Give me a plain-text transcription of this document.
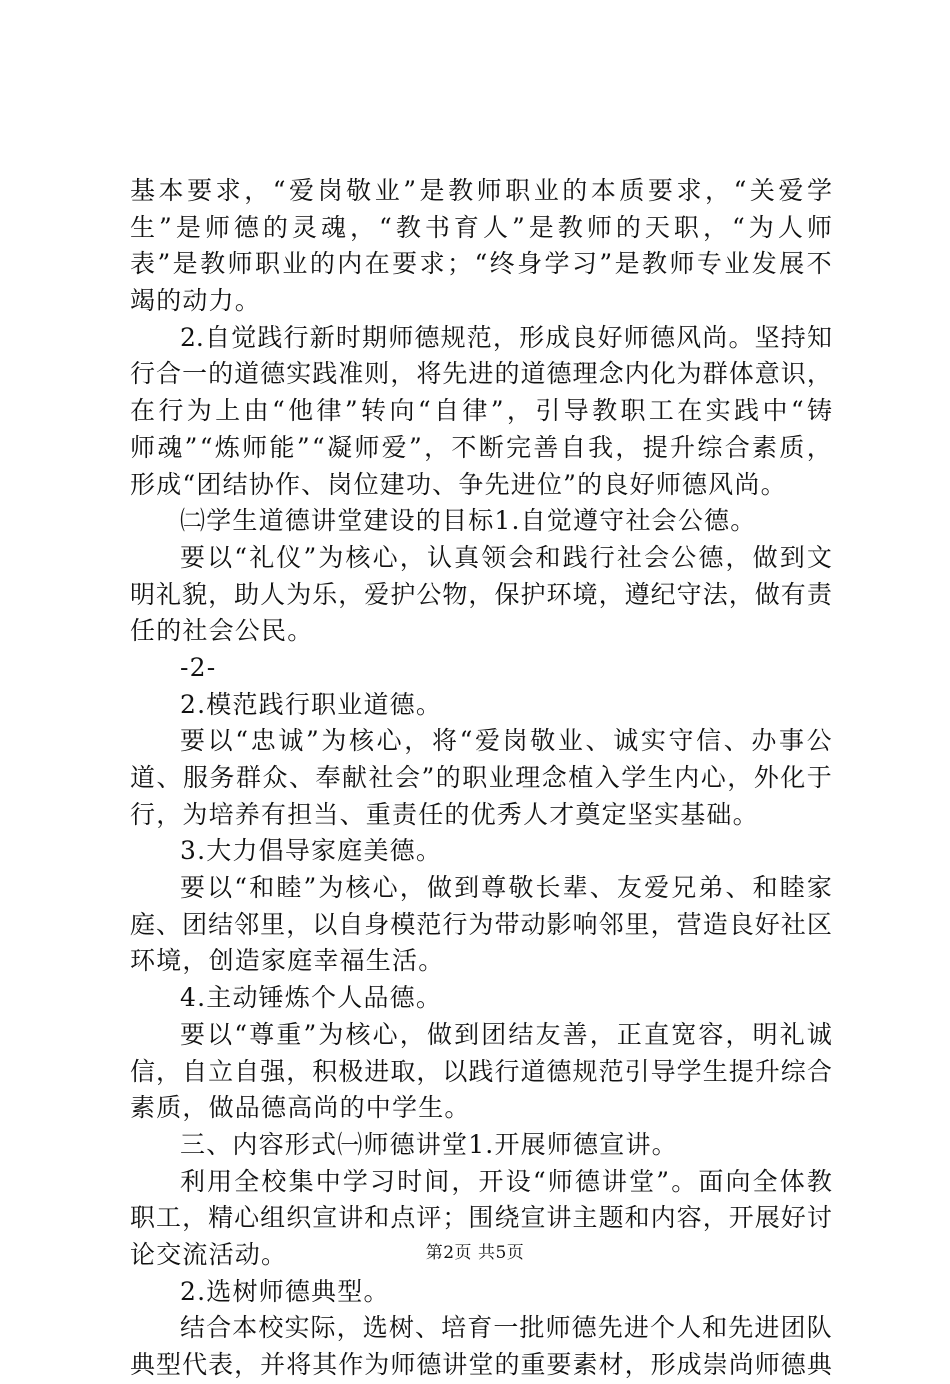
基 本 要 求 ， “ 爱 岗 敬 业 ” 是 教 师 职 业 的 本 质 要 求 ， “ 关 爱 学
生 ” 是 师 德 的 灵 魂 ， “ 教 书 育 人 ” 是 教 师 的 天 职 ， “ 为 人 师
表 ” 是 教 师 职 业 的 内 在 要 求 ； “ 终 身 学 习 ” 是 教 师 专 业 发 展 不
竭的动力。
2. 自 觉 践 行 新 时 期 师 德 规 范 ， 形 成 良 好 师 德 风 尚 。 坚 持 知
行 合 一 的 道 德 实 践 准 则 ， 将 先 进 的 道 德 理 念 内 化 为 群 体 意 识 ，
在 行 为 上 由 “ 他 律 ” 转 向 “ 自 律 ” ， 引 导 教 职 工 在 实 践 中 “ 铸
师 魂 ” “ 炼 师 能 ” “ 凝 师 爱 ” ， 不 断 完 善 自 我 ， 提 升 综 合 素 质 ，
形成“团结协作、岗位建功、争先进位”的良好师德风尚。
㈡学生道德讲堂建设的目标1.自觉遵守社会公德。
要 以 “ 礼 仪 ” 为 核 心 ， 认 真 领 会 和 践 行 社 会 公 德 ， 做 到 文
明 礼 貌 ， 助 人 为 乐 ， 爱 护 公 物 ， 保 护 环 境 ， 遵 纪 守 法 ， 做 有 责
任的社会公民。
-2-
2.模范践行职业道德。
要 以 “ 忠 诚 ” 为 核 心 ， 将 “ 爱 岗 敬 业 、 诚 实 守 信 、 办 事 公
道 、 服 务 群 众 、 奉 献 社 会 ” 的 职 业 理 念 植 入 学 生 内 心 ， 外 化 于
行，为培养有担当、重责任的优秀人才奠定坚实基础。
3.大力倡导家庭美德。
要 以 “ 和 睦 ” 为 核 心 ， 做 到 尊 敬 长 辈 、 友 爱 兄 弟 、 和 睦 家
庭 、 团 结 邻 里 ， 以 自 身 模 范 行 为 带 动 影 响 邻 里 ， 营 造 良 好 社 区
环境，创造家庭幸福生活。
4.主动锤炼个人品德。
要 以 “ 尊 重 ” 为 核 心 ， 做 到 团 结 友 善 ， 正 直 宽 容 ， 明 礼 诚
信 ， 自 立 自 强 ， 积 极 进 取 ， 以 践 行 道 德 规 范 引 导 学 生 提 升 综 合
素质，做品德高尚的中学生。
三、内容形式㈠师德讲堂1.开展师德宣讲。
利 用 全 校 集 中 学 习 时 间 ， 开 设 “ 师 德 讲 堂 ” 。 面 向 全 体 教
职 工 ， 精 心 组 织 宣 讲 和 点 评 ； 围 绕 宣 讲 主 题 和 内 容 ， 开 展 好 讨
论交流活动。
2.选树师德典型。
结 合 本 校 实 际 ， 选 树 、 培 育 一 批 师 德 先 进 个 人 和 先 进 团 队
典 型 代 表 ， 并 将 其 作 为 师 德 讲 堂 的 重 要 素 材 ， 形 成 崇 尚 师 德 典
第2页 共5页
